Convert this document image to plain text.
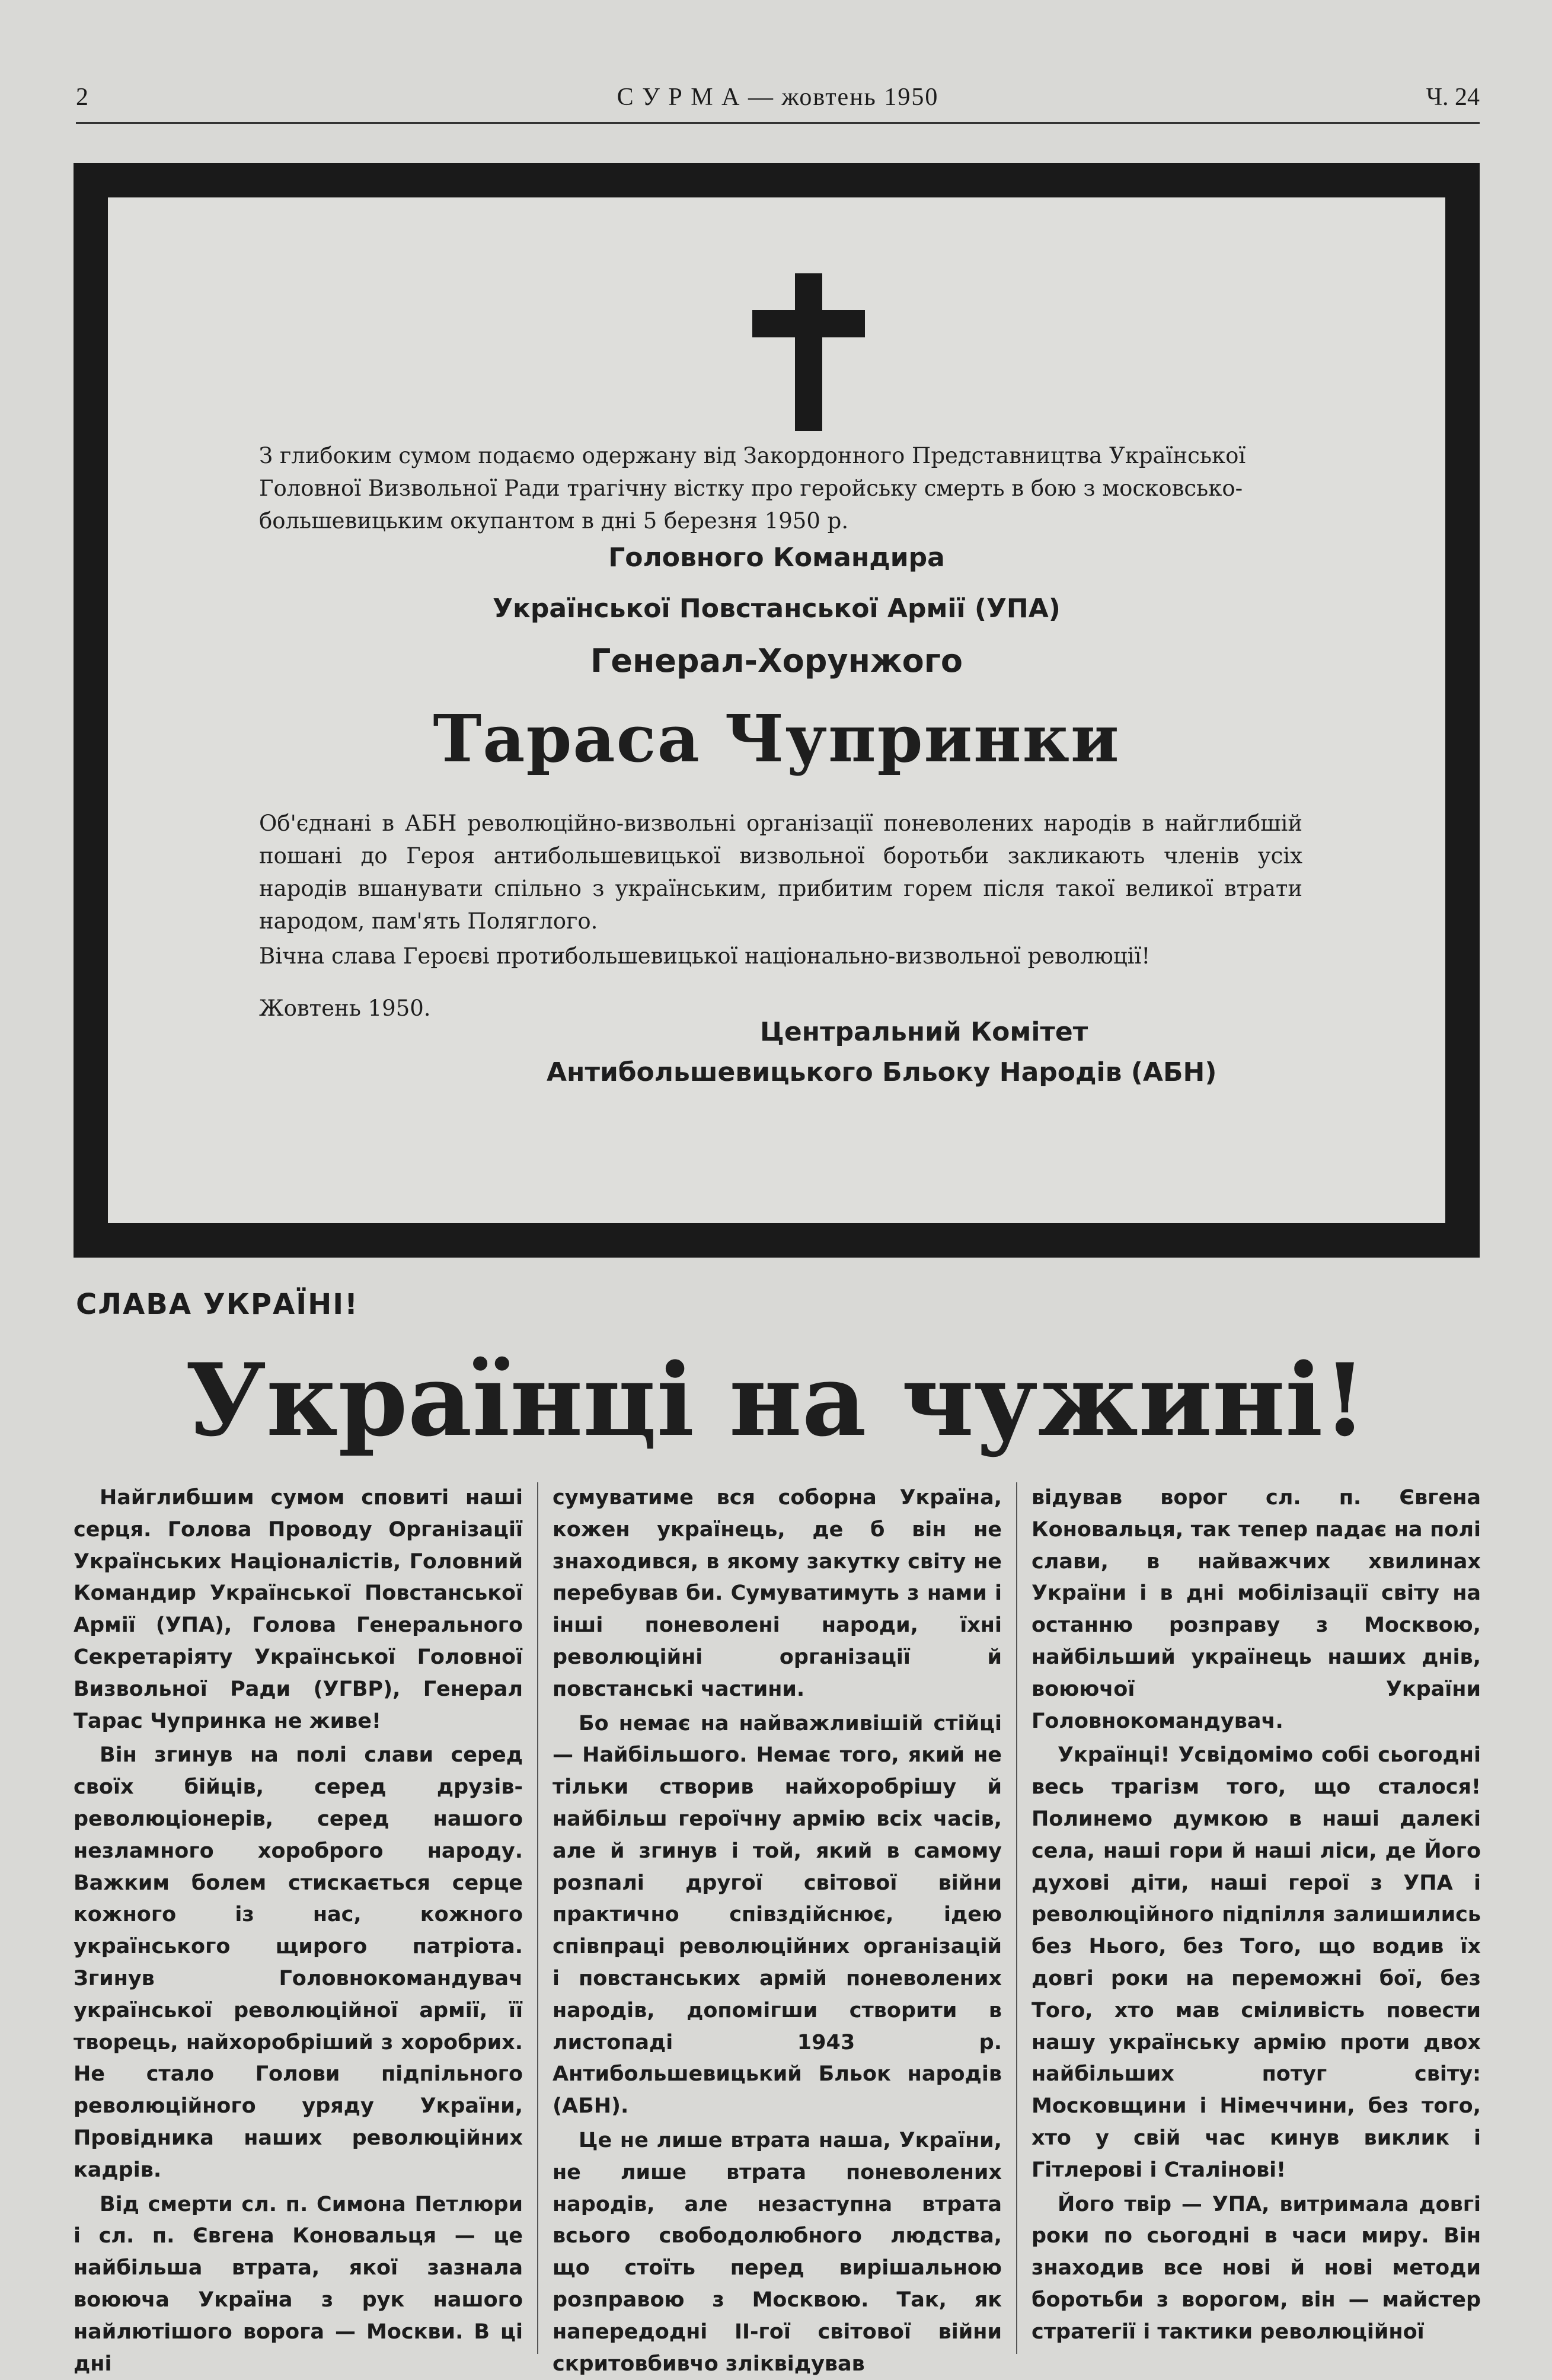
2	С У Р М А — жовтень 1950	Ч. 24
З глибоким сумом подаємо одержану від Закордонного Представництва Української Головної Визвольної Ради трагічну вістку про геройську смерть в бою з московсько-большевицьким окупантом в дні 5 березня 1950 р.
Головного Командира
Української Повстанської Армії (УПА)
Генерал-Хорунжого
Тараса Чупринки
Об'єднані в АБН революційно-визвольні організації поневолених народів в найглибшій пошані до Героя антибольшевицької визвольної боротьби закликають членів усіх народів вшанувати спільно з українським, прибитим горем після такої великої втрати народом, пам'ять Поляглого.
Вічна слава Героєві протибольшевицької національно-визвольної революції!
Жовтень 1950.
Центральний Комітет
Антибольшевицького Бльоку Народів (АБН)
СЛАВА УКРАЇНІ!
Українці на чужині!

Найглибшим сумом сповиті наші серця. Голова Проводу Організації Українських Націоналістів, Головний Командир Української Повстанської Армії (УПА), Голова Генерального Секретаріяту Української Головної Визвольної Ради (УГВР), Генерал Тарас Чупринка не живе!

Він згинув на полі слави серед своїх бійців, серед друзів-революціонерів, серед нашого незламного хороброго народу. Важким болем стискається серце кожного із нас, кожного українського щирого патріота. Згинув Головнокомандувач української революційної армії, її творець, найхоробріший з хоробрих. Не стало Голови підпільного революційного уряду України, Провідника наших революційних кадрів.

Від смерти сл. п. Симона Петлюри і сл. п. Євгена Коновальця — це найбільша втрата, якої зазнала воююча Україна з рук нашого найлютішого ворога — Москви. В ці дні

сумуватиме вся соборна Україна, кожен українець, де б він не знаходився, в якому закутку світу не перебував би. Сумуватимуть з нами і інші поневолені народи, їхні революційні організації й повстанські частини.

Бо немає на найважливішій стійці — Найбільшого. Немає того, який не тільки створив найхоробрішу й найбільш героїчну армію всіх часів, але й згинув і той, який в самому розпалі другої світової війни практично співздійснює, ідею співпраці революційних організацій і повстанських армій поневолених народів, допомігши створити в листопаді 1943 р. Антибольшевицький Бльок народів (АБН).

Це не лише втрата наша, України, не лише втрата поневолених народів, але незаступна втрата всього свободолюбного людства, що стоїть перед вирішальною розправою з Москвою. Так, як напередодні ІІ-гої світової війни скритовбивчо зліквідував

відував ворог сл. п. Євгена Коновальця, так тепер падає на полі слави, в найважчих хвилинах України і в дні мобілізації світу на останню розправу з Москвою, найбільший українець наших днів, воюючої України Головнокомандувач.

Українці! Усвідомімо собі сьогодні весь трагізм того, що сталося! Полинемо думкою в наші далекі села, наші гори й наші ліси, де Його духові діти, наші герої з УПА і революційного підпілля залишились без Нього, без Того, що водив їх довгі роки на переможні бої, без Того, хто мав сміливість повести нашу українську армію проти двох найбільших потуг світу: Московщини і Німеччини, без того, хто у свій час кинув виклик і Гітлерові і Сталінові!

Його твір — УПА, витримала довгі роки по сьогодні в часи миру. Він знаходив все нові й нові методи боротьби з ворогом, він — майстер стратегії і тактики революційної
